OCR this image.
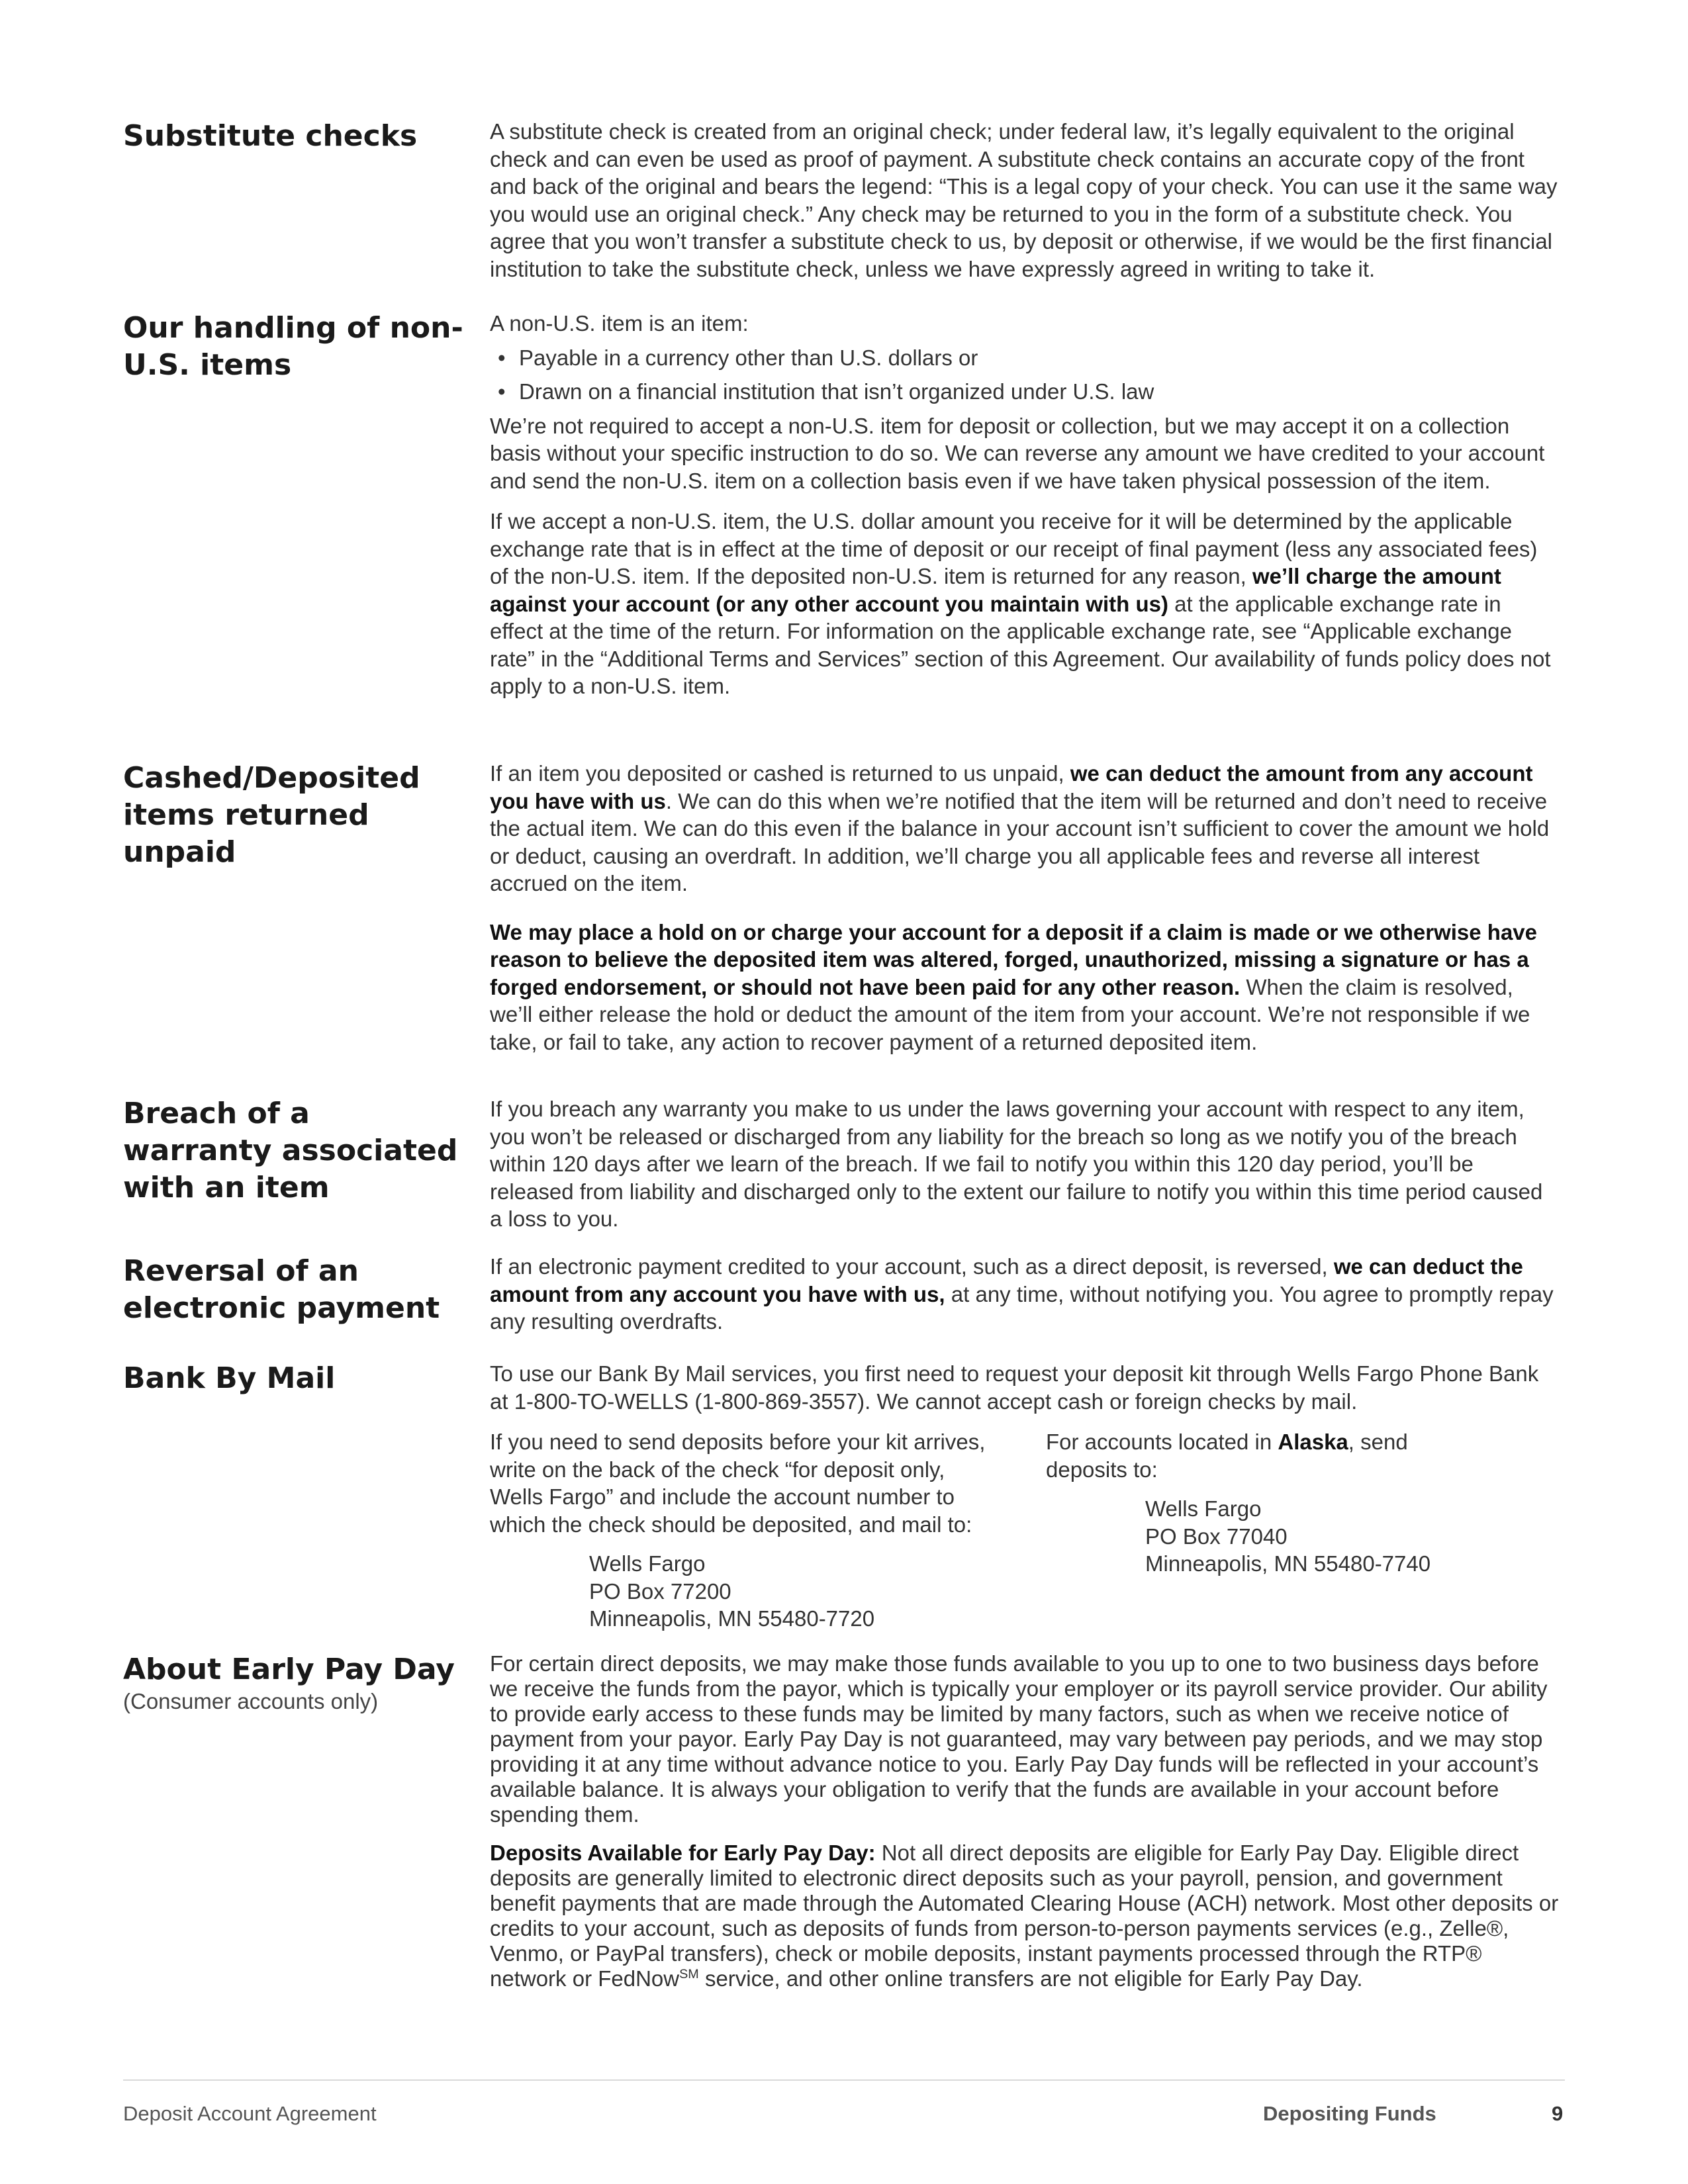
Substitute checks	A substitute check is created from an original check; under federal law, it’s legally equivalent to the original check and can even be used as proof of payment. A substitute check contains an accurate copy of the front and back of the original and bears the legend: “This is a legal copy of your check. You can use it the same way you would use an original check.” Any check may be returned to you in the form of a substitute check. You agree that you won’t transfer a substitute check to us, by deposit or otherwise, if we would be the first financial institution to take the substitute check, unless we have expressly agreed in writing to take it.

Our handling of non-U.S. items

A non-U.S. item is an item:

• Payable in a currency other than U.S. dollars or
• Drawn on a financial institution that isn’t organized under U.S. law

We’re not required to accept a non-U.S. item for deposit or collection, but we may accept it on a collection basis without your specific instruction to do so. We can reverse any amount we have credited to your account and send the non-U.S. item on a collection basis even if we have taken physical possession of the item.

If we accept a non-U.S. item, the U.S. dollar amount you receive for it will be determined by the applicable exchange rate that is in effect at the time of deposit or our receipt of final payment (less any associated fees) of the non-U.S. item. If the deposited non-U.S. item is returned for any reason, we’ll charge the amount against your account (or any other account you maintain with us) at the applicable exchange rate in effect at the time of the return. For information on the applicable exchange rate, see “Applicable exchange rate” in the “Additional Terms and Services” section of this Agreement. Our availability of funds policy does not apply to a non-U.S. item.

Cashed/Deposited items returned unpaid

If an item you deposited or cashed is returned to us unpaid, we can deduct the amount from any account you have with us. We can do this when we’re notified that the item will be returned and don’t need to receive the actual item. We can do this even if the balance in your account isn’t sufficient to cover the amount we hold or deduct, causing an overdraft. In addition, we’ll charge you all applicable fees and reverse all interest accrued on the item.

We may place a hold on or charge your account for a deposit if a claim is made or we otherwise have reason to believe the deposited item was altered, forged, unauthorized, missing a signature or has a forged endorsement, or should not have been paid for any other reason. When the claim is resolved, we’ll either release the hold or deduct the amount of the item from your account. We’re not responsible if we take, or fail to take, any action to recover payment of a returned deposited item.

Breach of a warranty associated with an item

If you breach any warranty you make to us under the laws governing your account with respect to any item, you won’t be released or discharged from any liability for the breach so long as we notify you of the breach within 120 days after we learn of the breach. If we fail to notify you within this 120 day period, you’ll be released from liability and discharged only to the extent our failure to notify you within this time period caused a loss to you.

Reversal of an electronic payment

If an electronic payment credited to your account, such as a direct deposit, is reversed, we can deduct the amount from any account you have with us, at any time, without notifying you. You agree to promptly repay any resulting overdrafts.

Bank By Mail	To use our Bank By Mail services, you first need to request your deposit kit through Wells Fargo Phone Bank at 1-800-TO-WELLS (1-800-869-3557). We cannot accept cash or foreign checks by mail.

If you need to send deposits before your kit arrives, write on the back of the check “for deposit only, Wells Fargo” and include the account number to which the check should be deposited, and mail to:
Wells Fargo
PO Box 77200
Minneapolis, MN 55480-7720
For accounts located in Alaska, send deposits to:
Wells Fargo
PO Box 77040
Minneapolis, MN 55480-7740
About Early Pay Day
(Consumer accounts only)

For certain direct deposits, we may make those funds available to you up to one to two business days before we receive the funds from the payor, which is typically your employer or its payroll service provider. Our ability to provide early access to these funds may be limited by many factors, such as when we receive notice of payment from your payor. Early Pay Day is not guaranteed, may vary between pay periods, and we may stop providing it at any time without advance notice to you. Early Pay Day funds will be reflected in your account’s available balance. It is always your obligation to verify that the funds are available in your account before spending them.

Deposits Available for Early Pay Day: Not all direct deposits are eligible for Early Pay Day. Eligible direct deposits are generally limited to electronic direct deposits such as your payroll, pension, and government benefit payments that are made through the Automated Clearing House (ACH) network. Most other deposits or credits to your account, such as deposits of funds from person-to-person payments services (e.g., Zelle®, Venmo, or PayPal transfers), check or mobile deposits, instant payments processed through the RTP® network or FedNow℠ service, and other online transfers are not eligible for Early Pay Day.

Deposit Account Agreement	Depositing Funds	9
